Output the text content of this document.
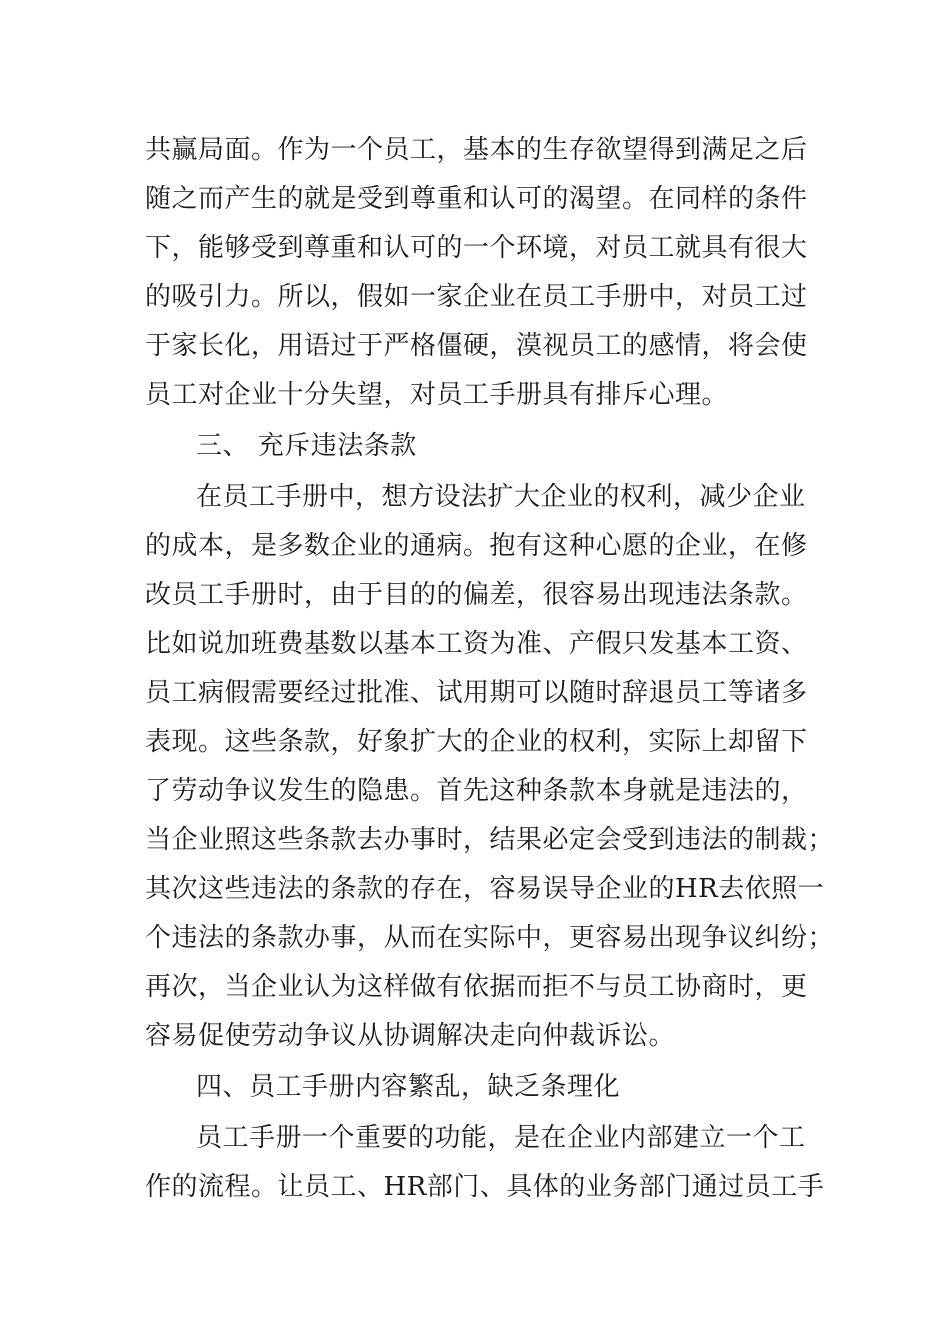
共赢局面。作为一个员工，基本的生存欲望得到满足之后
随之而产生的就是受到尊重和认可的渴望。在同样的条件
下，能够受到尊重和认可的一个环境，对员工就具有很大
的吸引力。所以，假如一家企业在员工手册中，对员工过
于家长化，用语过于严格僵硬，漠视员工的感情，将会使
员工对企业十分失望，对员工手册具有排斥心理。
三、 充斥违法条款
在员工手册中，想方设法扩大企业的权利，减少企业
的成本，是多数企业的通病。抱有这种心愿的企业，在修
改员工手册时，由于目的的偏差，很容易出现违法条款。
比如说加班费基数以基本工资为准、产假只发基本工资、
员工病假需要经过批准、试用期可以随时辞退员工等诸多
表现。这些条款，好象扩大的企业的权利，实际上却留下
了劳动争议发生的隐患。首先这种条款本身就是违法的，
当企业照这些条款去办事时，结果必定会受到违法的制裁；
其次这些违法的条款的存在，容易误导企业的HR去依照一
个违法的条款办事，从而在实际中，更容易出现争议纠纷；
再次，当企业认为这样做有依据而拒不与员工协商时，更
容易促使劳动争议从协调解决走向仲裁诉讼。
四、员工手册内容繁乱，缺乏条理化
员工手册一个重要的功能，是在企业内部建立一个工
作的流程。让员工、HR部门、具体的业务部门通过员工手
